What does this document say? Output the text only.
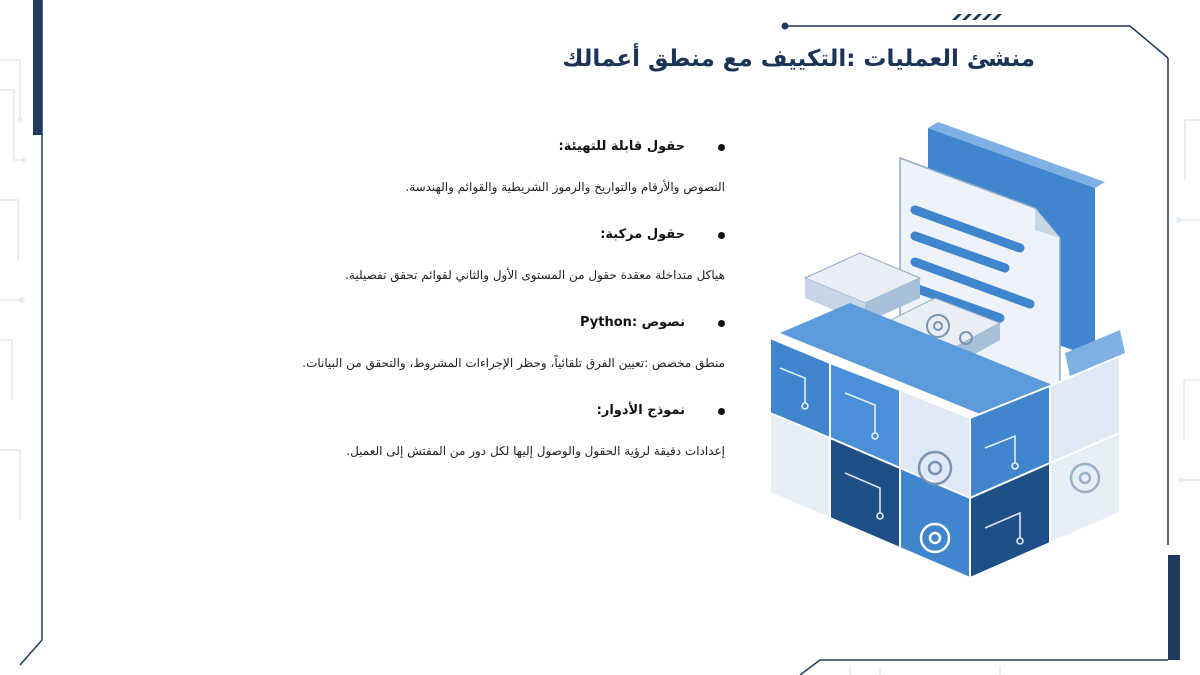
منشئ العمليات :التكييف مع منطق أعمالك
حقول قابلة للتهيئة:
النصوص والأرقام والتواريخ والرموز الشريطية والقوائم والهندسة.
حقول مركبة:
هياكل متداخلة معقدة حقول من المستوى الأول والثاني لقوائم تحقق تفصيلية.
نصوص :Python
منطق مخصص :تعيين الفرق تلقائياً، وحظر الإجراءات المشروط، والتحقق من البيانات.
نموذج الأدوار:
إعدادات دقيقة لرؤية الحقول والوصول إليها لكل دور من المفتش إلى العميل.
